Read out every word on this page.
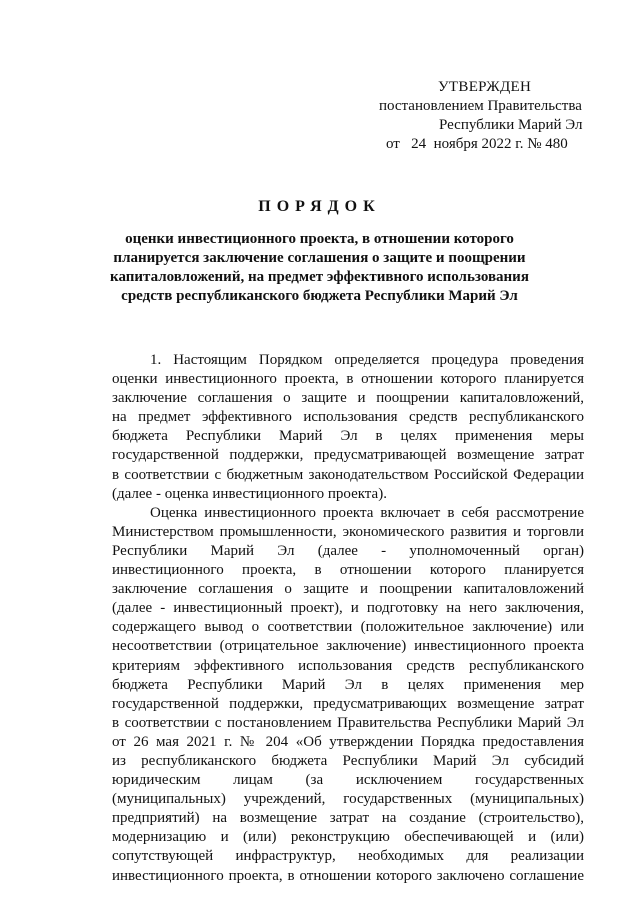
УТВЕРЖДЕН
постановлением Правительства
Республики Марий Эл
от   24  ноября 2022 г. № 480
ПОРЯДОК
оценки инвестиционного проекта, в отношении которого
планируется заключение соглашения о защите и поощрении
капиталовложений, на предмет эффективного использования
средств республиканского бюджета Республики Марий Эл
1. Настоящим Порядком определяется процедура проведения
оценки инвестиционного проекта, в отношении которого планируется
заключение соглашения о защите и поощрении капиталовложений,
на предмет эффективного использования средств республиканского
бюджета Республики Марий Эл в целях применения меры
государственной поддержки, предусматривающей возмещение затрат
в соответствии с бюджетным законодательством Российской Федерации
(далее - оценка инвестиционного проекта).
Оценка инвестиционного проекта включает в себя рассмотрение
Министерством промышленности, экономического развития и торговли
Республики Марий Эл (далее - уполномоченный орган)
инвестиционного проекта, в отношении которого планируется
заключение соглашения о защите и поощрении капиталовложений
(далее - инвестиционный проект), и подготовку на него заключения,
содержащего вывод о соответствии (положительное заключение) или
несоответствии (отрицательное заключение) инвестиционного проекта
критериям эффективного использования средств республиканского
бюджета Республики Марий Эл в целях применения мер
государственной поддержки, предусматривающих возмещение затрат
в соответствии с постановлением Правительства Республики Марий Эл
от 26 мая 2021 г. № 204 «Об утверждении Порядка предоставления
из республиканского бюджета Республики Марий Эл субсидий
юридическим лицам (за исключением государственных
(муниципальных) учреждений, государственных (муниципальных)
предприятий) на возмещение затрат на создание (строительство),
модернизацию и (или) реконструкцию обеспечивающей и (или)
сопутствующей инфраструктур, необходимых для реализации
инвестиционного проекта, в отношении которого заключено соглашение
